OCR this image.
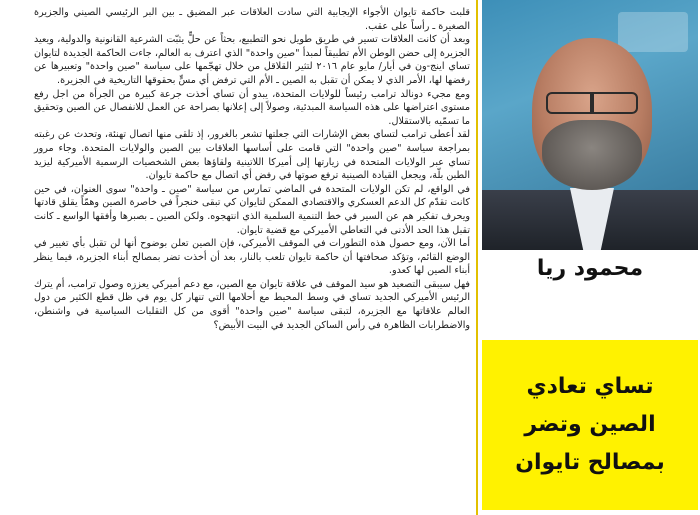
قلبت حاكمة تايوان الأجواء الإيجابية التي سادت العلاقات عبر المضيق ـ بين البر الرئيسي الصيني والجزيرة الصغيرة ـ رأساً على عقب.

وبعد أن كانت العلاقات تسير في طريق طويل نحو التطبيع، بحثاً عن حلٍّ يثبّت الشرعية القانونية والدولية، ويعيد الجزيرة إلى حضن الوطن الأم تطبيقاً لمبدأ "صين واحدة" الذي اعترف به العالم، جاءت الحاكمة الجديدة لتايوان تساي اينج-ون في أيار/ مايو عام ٢٠١٦ لتثير القلاقل من خلال تهجّمها على سياسة "صين واحدة" وتعبيرها عن رفضها لها، الأمر الذي لا يمكن أن تقبل به الصين ـ الأم التي ترفض أي مسٍّ بحقوقها التاريخية في الجزيرة.

ومع مجيء دونالد ترامب رئيساً للولايات المتحدة، يبدو أن تساي أخذت جرعة كبيرة من الجرأة من اجل رفع مستوى اعتراضها على هذه السياسة المبدئية، وصولاً إلى إعلانها بصراحة عن العمل للانفصال عن الصين وتحقيق ما تسمّيه بالاستقلال.

لقد أعطى ترامب لتساي بعض الإشارات التي جعلتها تشعر بالغرور، إذ تلقى منها اتصال تهنئة، وتحدث عن رغبته بمراجعة سياسة "صين واحدة" التي قامت على أساسها العلاقات بين الصين والولايات المتحدة. وجاء مرور تساي عبر الولايات المتحدة في زيارتها إلى أميركا اللاتينية ولقاؤها بعض الشخصيات الرسمية الأميركية ليزيد الطين بلّة، ويجعل القيادة الصينية ترفع صوتها في رفض أي اتصال مع حاكمة تايوان.

في الواقع، لم تكن الولايات المتحدة في الماضي تمارس من سياسة "صين ـ واحدة" سوى العنوان، في حين كانت تقدّم كل الدعم العسكري والاقتصادي الممكن لتايوان كي تبقى خنجراً في خاصرة الصين وهمّاً يقلق قادتها ويحرف تفكير هم عن السير في خط التنمية السلمية الذي انتهجوه. ولكن الصين ـ بصبرها وأفقها الواسع ـ كانت تقبل هذا الحد الأدنى في التعاطي الأميركي مع قضية تايوان.

أما الآن، ومع حصول هذه التطورات في الموقف الأميركي، فإن الصين تعلن بوضوح أنها لن تقبل بأي تغيير في الوضع القائم، وتؤكد صحافتها أن حاكمة تايوان تلعب بالنار، بعد أن أخذت تضر بمصالح أبناء الجزيرة، فيما ينظر أبناء الصين لها كعدو.

فهل سيبقى التصعيد هو سيد الموقف في علاقة تايوان مع الصين، مع دعم أميركي يعززه وصول ترامب، أم يترك الرئيس الأميركي الجديد تساي في وسط المحيط مع أحلامها التي تنهار كل يوم في ظل قطع الكثير من دول العالم علاقاتها مع الجزيرة، لتبقى سياسة "صين واحدة" أقوى من كل التقلبات السياسية في واشنطن، والاضطرابات الظاهرة في رأس الساكن الجديد في البيت الأبيض؟

محمود ريا
تساي تعادي
الصين وتضر
بمصالح تايوان
